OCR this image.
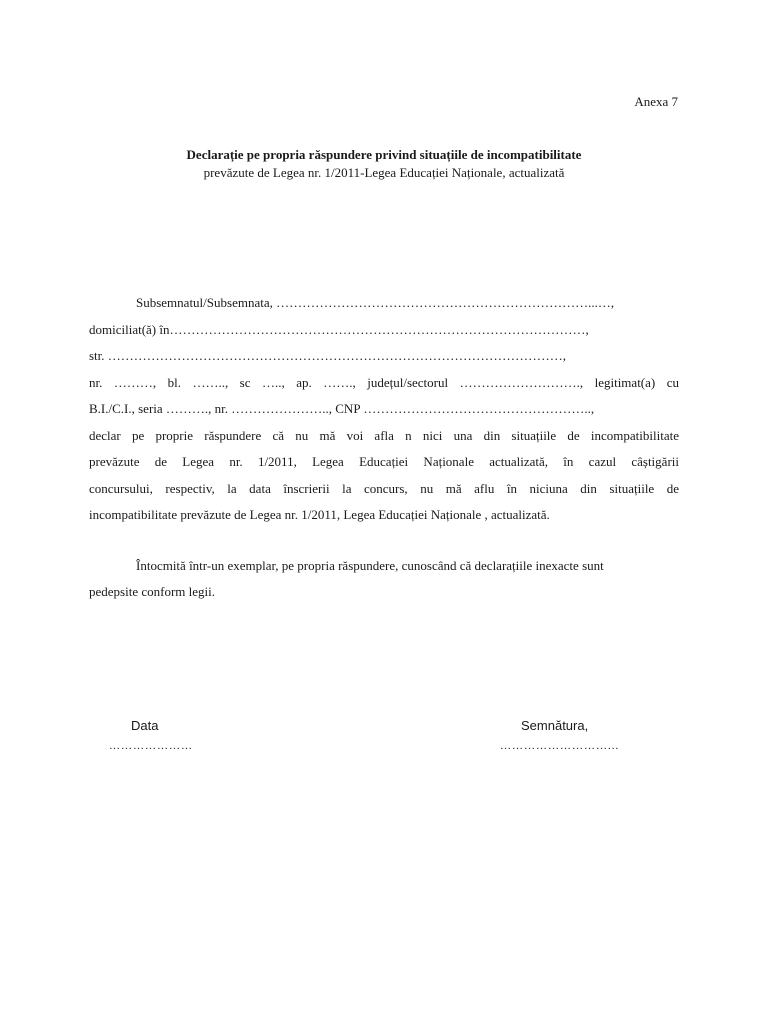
Anexa 7
Declarație pe propria răspundere privind situațiile de incompatibilitate
prevăzute de Legea nr. 1/2011-Legea Educației Naționale, actualizată
Subsemnatul/Subsemnata, ………………………………………………………………...…,
domiciliat(ă) în……………………………………………………………………………………,
str. ……………………………………………………………………………………………,
nr. ………, bl. …….., sc ….., ap. ……., județul/sectorul ………………………., legitimat(a) cu
B.I./C.I., seria ………., nr. ………………….., CNP ……………………………………………..,
declar pe proprie răspundere că nu mă voi afla n nici una din situațiile de incompatibilitate
prevăzute de Legea nr. 1/2011, Legea Educației Naționale actualizată, în cazul câștigării
concursului, respectiv, la data înscrierii la concurs, nu mă aflu în niciuna din situațiile de
incompatibilitate prevăzute de Legea nr. 1/2011, Legea Educației Naționale , actualizată.
Întocmită într-un exemplar, pe propria răspundere, cunoscând că declarațiile inexacte sunt
pedepsite conform legii.
Data
…………………
Semnătura,
………………………...
